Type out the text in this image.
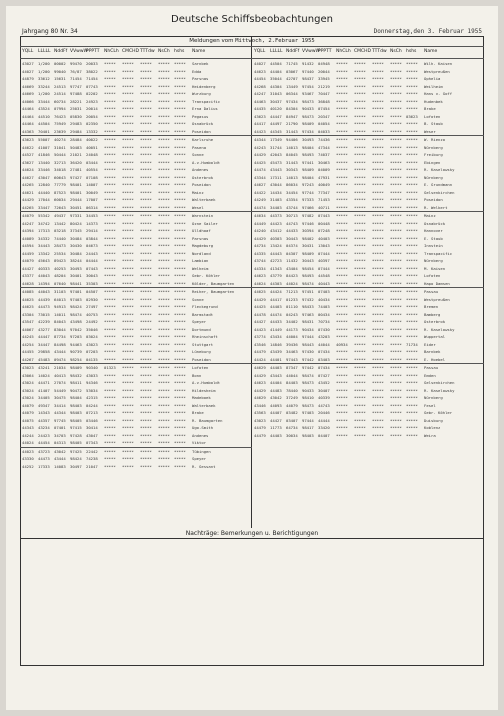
Deutsche Schiffsbeobachtungen
Jahrgang 80 Nr. 34	Donnerstag,den 3. Februar 1955
Meldungen vom Mittwoch, 2.Februar 1955
YQLL LLLLL NddFf VVwwW
PPPTT NhCLh CMCHD TTTdw NsCh hshs Name	YQLL LLLLL NddFf VVwwW
PPPTT NhCLh CMCHD TTTdw NsCh hshs Name
43027 1/200 00002 99470 20033 ***** ***** ***** ***** ***** Sarnbek
44027 1/200 99040 76/87 38022 ***** ***** ***** ***** ***** Edda
44879 33612 15631 71454 71454 ***** ***** ***** ***** ***** Parsnas
44669 33244 24513 97747 07743 ***** ***** ***** ***** ***** Heidenberg
44669 1/200 24514 97488 02202 ***** ***** ***** ***** ***** Wurzburg
44066 33444 60734 28221 24923 ***** ***** ***** ***** ***** Transpacific
44464 43524 07994 25031 20014 ***** ***** ***** ***** ***** Erna Dalius
44464 44510 76423 05830 20054 ***** ***** ***** ***** ***** Pegasus
44464 44504 75949 29483 02350 ***** ***** ***** ***** ***** Osnabrück
44363 70401 23639 29484 13332 ***** ***** ***** ***** ***** Poseidon
43623 55007 40274 28484 40022 ***** ***** ***** ***** ***** Karlsruhe
44622 41007 31041 50483 40051 ***** ***** ***** ***** ***** Pasena
44527 41846 50444 21021 24048 ***** ***** ***** ***** ***** Sonne
43627 13440 32713 36420 03444 ***** ***** ***** ***** ***** A.v.Humboldt
44624 33446 34018 27481 40554 ***** ***** ***** ***** ***** Andenes
44627 43047 60643 97427 07108 ***** ***** ***** ***** ***** Osterbrok
44265 12840 77779 98401 14007 ***** ***** ***** ***** ***** Poseidon
44621 44440 87523 98401 30049 ***** ***** ***** ***** ***** Mainz
44429 17044 60034 29444 17007 ***** ***** ***** ***** ***** Walterbaek
44265 33447 72643 30451 06314 ***** ***** ***** ***** ***** Wesel
44079 55342 49437 97331 34453 ***** ***** ***** ***** ***** Warnstein
44247 34742 13442 80424 14373 ***** ***** ***** ***** ***** Ozne Sailer
44394 17313 03218 37345 29414 ***** ***** ***** ***** ***** Ulldhoaf
44089 34332 74440 30484 03844 ***** ***** ***** ***** ***** Parsnas
44594 34443 28473 30430 04673 ***** ***** ***** ***** ***** Magdeburg
44459 13342 25534 30484 24443 ***** ***** ***** ***** ***** Nordland
44079 45643 89423 38244 04444 ***** ***** ***** ***** ***** Lambian
44427 40333 40253 30493 07443 ***** ***** ***** ***** ***** Welheim
43377 44043 48204 30401 30043 ***** ***** ***** ***** ***** Gebr. Köhler
44628 14394 07640 98441 35303 ***** ***** ***** ***** ***** Kölder, Baumgarten
44085 44043 31103 97401 04507 ***** ***** ***** ***** ***** Reiher, Baumgarten
44625 44439 64013 97403 02930 ***** ***** ***** ***** ***** Sonne
44625 44473 94913 98424 27497 ***** ***** ***** ***** ***** Fleckegrund
43304 73015 14011 98474 40753 ***** ***** ***** ***** ***** Barmstadt
43547 42239 84043 43498 24492 ***** ***** ***** ***** ***** Speyer
44067 43277 83044 97042 35046 ***** ***** ***** ***** ***** Dortmund
44245 44447 87734 97203 03024 ***** ***** ***** ***** ***** Rheinschaft
44254 34447 84498 94463 43023 ***** ***** ***** ***** ***** Stuttgart
44455 29858 43444 90739 07203 ***** ***** ***** ***** ***** Lüneburg
44267 45483 09474 98254 04135 ***** ***** ***** ***** ***** Poseidon
43023 43241 21034 98409 90340 01323 ***** ***** ***** ***** Lofoten
43064 14024 40413 98432 43033 ***** ***** ***** ***** ***** Bonn
43024 44471 27074 98411 94346 ***** ***** ***** ***** ***** A.v.Humboldt
43024 41407 54449 90472 53034 ***** ***** ***** ***** ***** Hildesheim
43024 34405 30475 98404 42315 ***** ***** ***** ***** ***** Madeboek
44079 49347 34414 98403 04244 ***** ***** ***** ***** ***** Walterbaek
44079 14343 44344 98403 07213 ***** ***** ***** ***** ***** Brake
44075 44357 97745 98405 03446 ***** ***** ***** ***** ***** R. Baumgarten
44343 43234 07401 97415 30414 ***** ***** ***** ***** ***** Ugo.Smith
44244 24423 34703 97428 43047 ***** ***** ***** ***** ***** Andenes
44024 44454 04313 98405 07343 ***** ***** ***** ***** ***** Viktor
44023 43723 43042 97425 22442 ***** ***** ***** ***** ***** Tübingen
43330 44473 43444 98424 74238 ***** ***** ***** ***** ***** Speyer
44252 17333 14083 30497 21047 ***** ***** ***** ***** ***** R. Gessant
44027 44504 71745 91432 04948 ***** ***** ***** ***** ***** Wilh. Kaisen
44623 44404 03067 97440 20044 ***** ***** ***** ***** ***** Westpreußen
44454 35044 42707 98437 33945 ***** ***** ***** ***** ***** Ophelia
44268 44304 13449 97454 21219 ***** ***** ***** ***** ***** Weilheim
44247 31043 06344 93467 70447 ***** ***** ***** ***** ***** Hans v. Goff
44463 30437 97434 98473 36848 ***** ***** ***** ***** ***** Hudenbek
44435 40120 84304 90433 07454 ***** ***** ***** ***** ***** Brake
43623 44447 84947 98473 20347 ***** ***** ***** ***** 03623 Lofoten
44417 44497 21790 98409 04054 ***** ***** ***** ***** ***** B. Staub
44423 44345 31443 97434 04033 ***** ***** ***** ***** ***** Weser
44344 17349 94406 30493 74436 ***** ***** ***** ***** ***** W. Rienzo
44243 31744 14013 98404 47344 ***** ***** ***** ***** ***** Nürnberg
44429 42043 84045 98493 74037 ***** ***** ***** ***** ***** Freiburg
44425 45473 31443 97441 30463 ***** ***** ***** ***** ***** Ebingen
44474 43443 30343 98409 04009 ***** ***** ***** ***** ***** R. Kaselowsky
43344 17311 14013 98404 47931 ***** ***** ***** ***** ***** Nürnberg
44627 43044 86034 97243 40049 ***** ***** ***** ***** ***** E. Grundmann
44422 14434 34454 97744 77347 ***** ***** ***** ***** ***** Gelsenkirchen
44249 31403 43354 97333 71453 ***** ***** ***** ***** ***** Poseidon
44474 34403 43744 97466 40711 ***** ***** ***** ***** ***** R. Welkert
44634 44373 30713 97482 07443 ***** ***** ***** ***** ***** Mainz
44449 44423 44743 97446 00448 ***** ***** ***** ***** ***** Osnabrück
44240 43412 44433 30394 07248 ***** ***** ***** ***** ***** Hannover
44429 40303 30443 98402 40403 ***** ***** ***** ***** ***** E. Staub
44734 13424 04374 30431 13043 ***** ***** ***** ***** ***** Innstein
44335 44443 04307 98409 07444 ***** ***** ***** ***** ***** Transpacific
43744 42723 11432 30443 40397 ***** ***** ***** ***** ***** Nürnberg
44334 41343 43404 98454 07444 ***** ***** ***** ***** ***** M. Kaisen
44623 43779 84423 98493 44548 ***** ***** ***** ***** ***** Lofoten
44624 44303 44024 98474 40443 ***** ***** ***** ***** ***** Hapo Damsen
44625 44424 71213 97451 07403 ***** ***** ***** ***** ***** Passau
44429 44417 01233 97432 40434 ***** ***** ***** ***** ***** Westpreußen
44425 44403 01110 98433 74403 ***** ***** ***** ***** ***** Bremen
44478 44474 04243 97463 00434 ***** ***** ***** ***** ***** Bamberg
44427 44433 34402 98431 70734 ***** ***** ***** ***** ***** Osterbrok
44423 41449 44173 90434 07430 ***** ***** ***** ***** ***** R. Kaselowsky
43774 43434 44004 97444 43203 ***** ***** ***** ***** ***** Wuppertal
43546 14846 39436 98443 44044 40934 ***** ***** ***** 71734 Eider
44479 43439 34463 97430 07434 ***** ***** ***** ***** ***** Barnbek
44424 44401 97443 97442 03403 ***** ***** ***** ***** ***** E. Hoebel
44629 44403 87347 97442 07434 ***** ***** ***** ***** ***** Passau
44429 43443 44044 98474 07427 ***** ***** ***** ***** ***** Emden
44623 44404 84403 98473 43452 ***** ***** ***** ***** ***** Gelsenkirchen
44429 44483 78440 90433 30407 ***** ***** ***** ***** ***** R. Kaselowsky
44629 43042 37249 98410 40339 ***** ***** ***** ***** ***** Nürnberg
43446 44093 44079 98473 44743 ***** ***** ***** ***** ***** Fesel
43563 44407 03482 97403 20446 ***** ***** ***** ***** ***** Gebr. Köhler
43023 44427 03407 97444 44444 ***** ***** ***** ***** ***** Duisburg
44479 11773 64734 98417 33420 ***** ***** ***** ***** ***** Koblenz
44479 44403 30034 98403 04407 ***** ***** ***** ***** ***** Weira
Nachträge: Bemerkungen u. Berichtigungen
